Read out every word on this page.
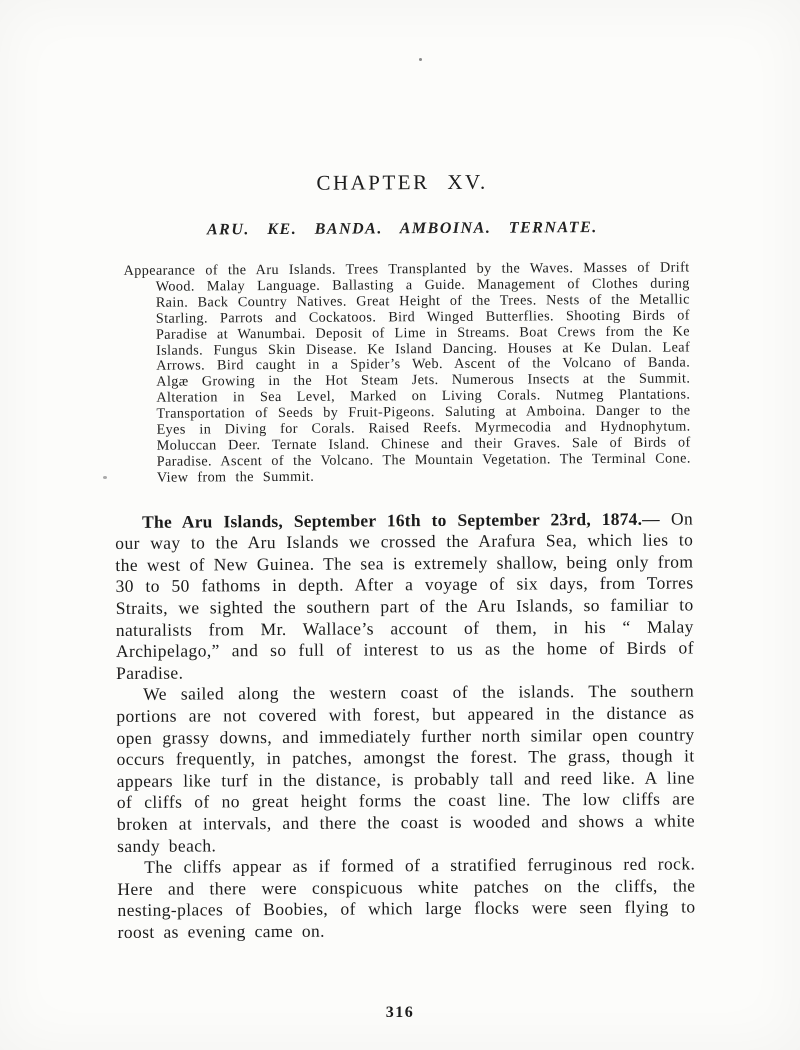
CHAPTER XV.
ARU. KE. BANDA. AMBOINA. TERNATE.

Appearance of the Aru Islands. Trees Transplanted by the Waves. Masses of Drift Wood. Malay Language. Ballasting a Guide. Management of Clothes during Rain. Back Country Natives. Great Height of the Trees. Nests of the Metallic Starling. Parrots and Cockatoos. Bird Winged Butterflies. Shooting Birds of Paradise at Wanumbai. Deposit of Lime in Streams. Boat Crews from the Ke Islands. Fungus Skin Disease. Ke Island Dancing. Houses at Ke Dulan. Leaf Arrows. Bird caught in a Spider’s Web. Ascent of the Volcano of Banda. Algæ Growing in the Hot Steam Jets. Numerous Insects at the Summit. Alteration in Sea Level, Marked on Living Corals. Nutmeg Plantations. Transportation of Seeds by Fruit-Pigeons. Saluting at Amboina. Danger to the Eyes in Diving for Corals. Raised Reefs. Myrmecodia and Hydnophytum. Moluccan Deer. Ternate Island. Chinese and their Graves. Sale of Birds of Paradise. Ascent of the Volcano. The Mountain Vegetation. The Terminal Cone. View from the Summit.

The Aru Islands, September 16th to September 23rd, 1874.— On our way to the Aru Islands we crossed the Arafura Sea, which lies to the west of New Guinea. The sea is extremely shallow, being only from 30 to 50 fathoms in depth. After a voyage of six days, from Torres Straits, we sighted the southern part of the Aru Islands, so familiar to naturalists from Mr. Wallace’s account of them, in his “ Malay Archipelago,” and so full of interest to us as the home of Birds of Paradise.

We sailed along the western coast of the islands. The southern portions are not covered with forest, but appeared in the distance as open grassy downs, and immediately further north similar open country occurs frequently, in patches, amongst the forest. The grass, though it appears like turf in the distance, is probably tall and reed like. A line of cliffs of no great height forms the coast line. The low cliffs are broken at intervals, and there the coast is wooded and shows a white sandy beach.

The cliffs appear as if formed of a stratified ferruginous red rock. Here and there were conspicuous white patches on the cliffs, the nesting-places of Boobies, of which large flocks were seen flying to roost as evening came on.

316
